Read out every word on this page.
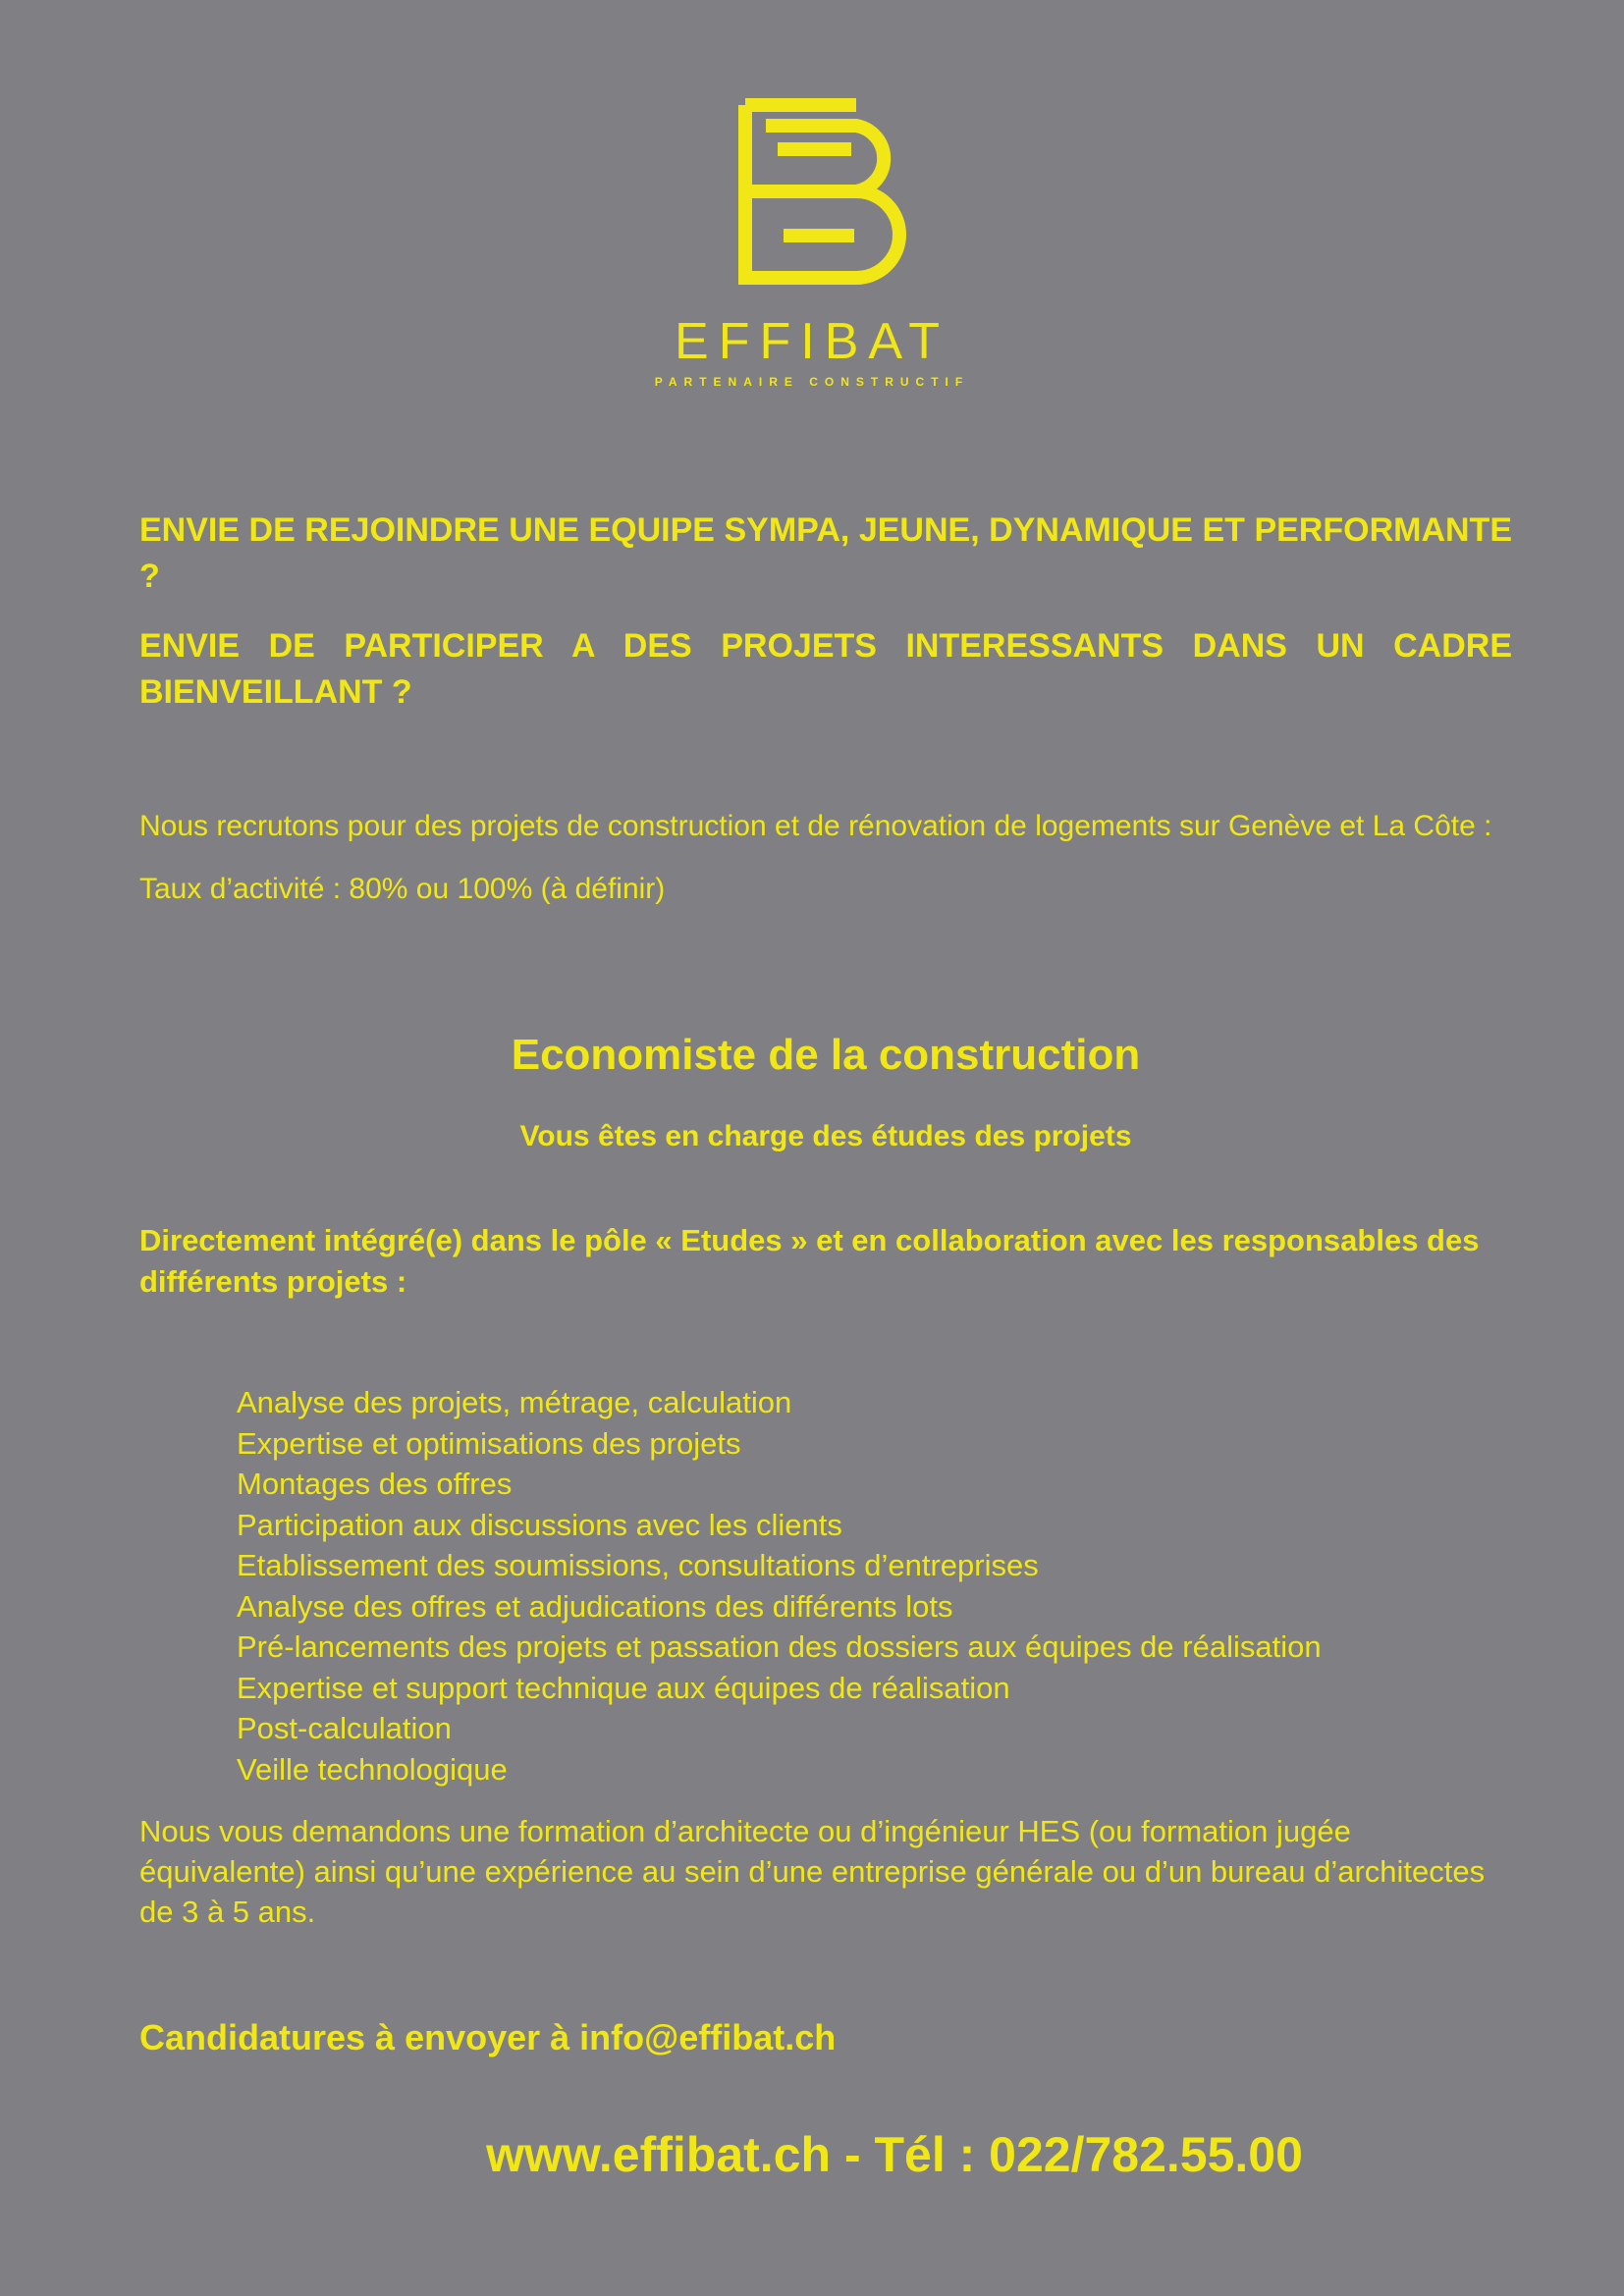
EFFIBAT
PARTENAIRE CONSTRUCTIF

ENVIE DE REJOINDRE UNE EQUIPE SYMPA, JEUNE, DYNAMIQUE ET PERFORMANTE ?

ENVIE DE PARTICIPER A DES PROJETS INTERESSANTS DANS UN CADRE BIENVEILLANT ?

Nous recrutons pour des projets de construction et de rénovation de logements sur Genève et La Côte :

Taux d’activité : 80% ou 100% (à définir)

Economiste de la construction
Vous êtes en charge des études des projets

Directement intégré(e) dans le pôle « Etudes » et en collaboration avec les responsables des différents projets :

Analyse des projets, métrage, calculation
Expertise et optimisations des projets
Montages des offres
Participation aux discussions avec les clients
Etablissement des soumissions, consultations d’entreprises
Analyse des offres et adjudications des différents lots
Pré-lancements des projets et passation des dossiers aux équipes de réalisation
Expertise et support technique aux équipes de réalisation
Post-calculation
Veille technologique

Nous vous demandons une formation d’architecte ou d’ingénieur HES (ou formation jugée équivalente) ainsi qu’une expérience au sein d’une entreprise générale ou d’un bureau d’architectes de 3 à 5 ans.

Candidatures à envoyer à info@effibat.ch
www.effibat.ch - Tél : 022/782.55.00
